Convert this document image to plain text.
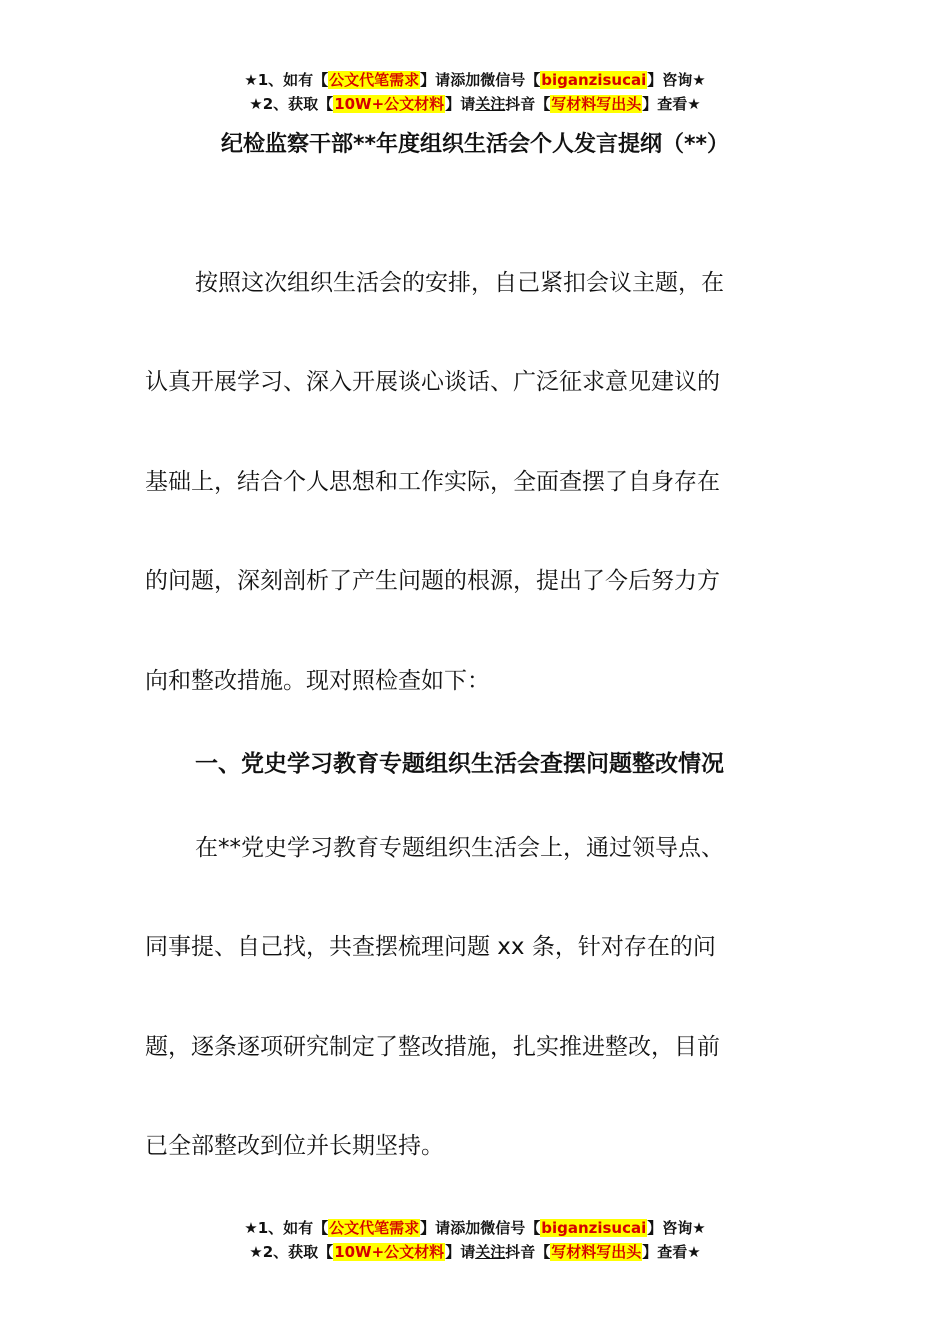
★1、如有【公文代笔需求】请添加微信号【biganzisucai】咨询★
★2、获取【10W+公文材料】请关注抖音【写材料写出头】查看★
纪检监察干部**年度组织生活会个人发言提纲（**）
按照这次组织生活会的安排，自己紧扣会议主题，在
认真开展学习、深入开展谈心谈话、广泛征求意见建议的
基础上，结合个人思想和工作实际，全面查摆了自身存在
的问题，深刻剖析了产生问题的根源，提出了今后努力方
向和整改措施。现对照检查如下：
一、党史学习教育专题组织生活会查摆问题整改情况
在**党史学习教育专题组织生活会上，通过领导点、
同事提、自己找，共查摆梳理问题 xx 条，针对存在的问
题，逐条逐项研究制定了整改措施，扎实推进整改，目前
已全部整改到位并长期坚持。
★1、如有【公文代笔需求】请添加微信号【biganzisucai】咨询★
★2、获取【10W+公文材料】请关注抖音【写材料写出头】查看★
